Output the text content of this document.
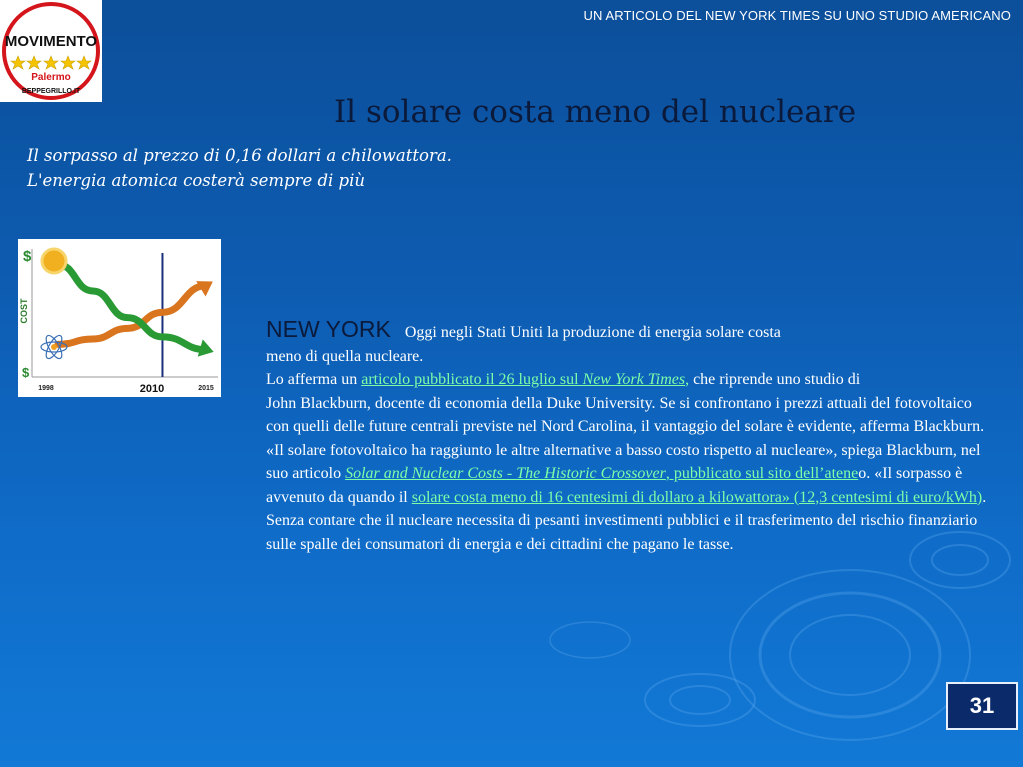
MOVIMENTO
Palermo
BEPPEGRILLO.IT
UN ARTICOLO DEL NEW YORK TIMES SU UNO STUDIO AMERICANO
Il solare costa meno del nucleare
Il sorpasso al prezzo di 0,16 dollari a chilowattora.
L'energia atomica costerà sempre di più
$
$
COST
1998	2010	2015
NEW YORK Oggi negli Stati Uniti la produzione di energia solare costa
meno di quella nucleare.
Lo afferma un articolo pubblicato il 26 luglio sul New York Times, che riprende uno studio di
John Blackburn, docente di economia della Duke University. Se si confrontano i prezzi attuali del fotovoltaico con quelli delle future centrali previste nel Nord Carolina, il vantaggio del solare è evidente, afferma Blackburn. «Il solare fotovoltaico ha raggiunto le altre alternative a basso costo rispetto al nucleare», spiega Blackburn, nel suo articolo Solar and Nuclear Costs - The Historic Crossover, pubblicato sul sito dell’ateneo. «Il sorpasso è avvenuto da quando il solare costa meno di 16 centesimi di dollaro a kilowattora» (12,3 centesimi di euro/kWh). Senza contare che il nucleare necessita di pesanti investimenti pubblici e il trasferimento del rischio finanziario sulle spalle dei consumatori di energia e dei cittadini che pagano le tasse.
31
